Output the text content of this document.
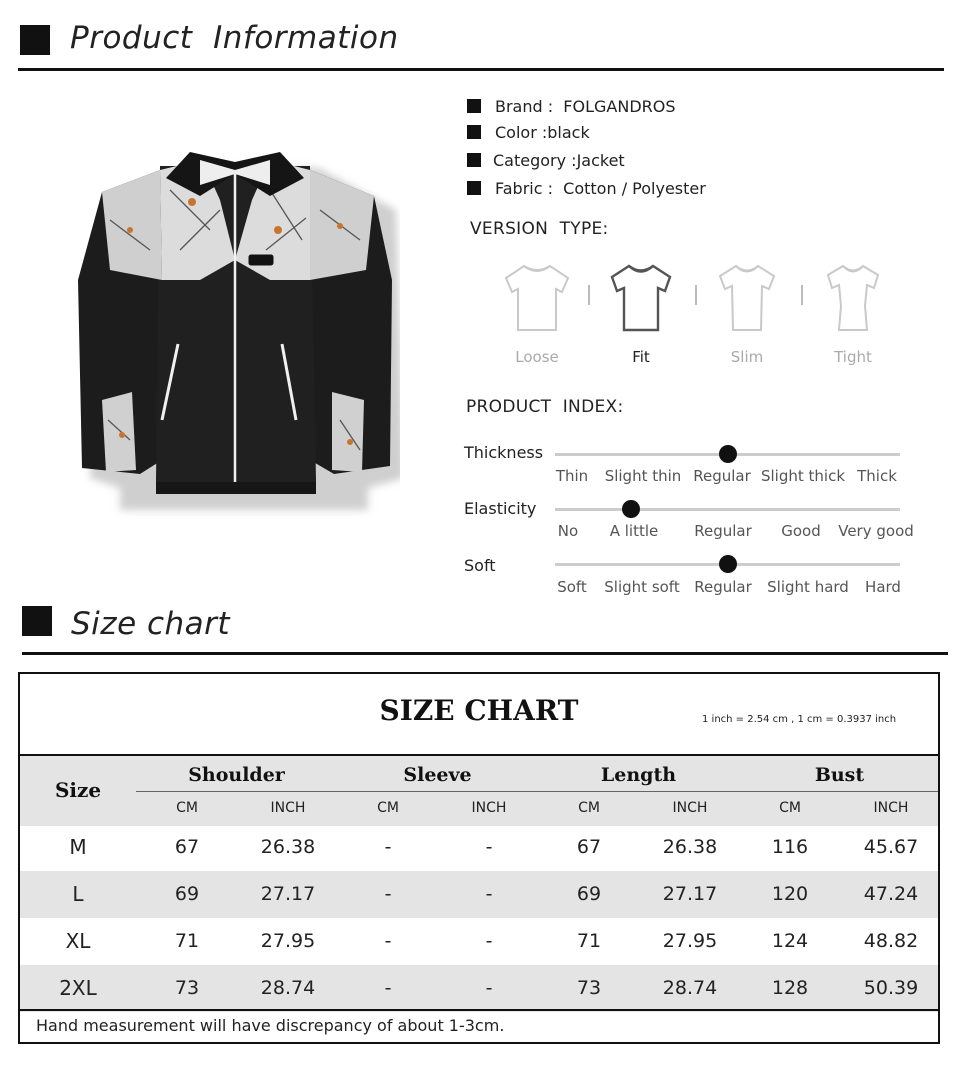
Product  Information
Brand :  FOLGANDROS
Color :black
Category :Jacket
Fabric :  Cotton / Polyester
VERSION  TYPE:
Loose	Fit	Slim	Tight
PRODUCT  INDEX:
Thickness
Thin Slight thin Regular Slight thick Thick
Elasticity
No A little Regular Good Very good
Soft
Soft Slight soft Regular Slight hard Hard
Size chart
SIZE CHART	1 inch = 2.54 cm , 1 cm = 0.3937 inch
Size
Shoulder	Sleeve	Length	Bust
CM	INCH	CM	INCH	CM	INCH	CM	INCH
M	67	26.38	-	-	67	26.38	116	45.67
L	69	27.17	-	-	69	27.17	120	47.24
XL	71	27.95	-	-	71	27.95	124	48.82
2XL	73	28.74	-	-	73	28.74	128	50.39
Hand measurement will have discrepancy of about 1-3cm.
